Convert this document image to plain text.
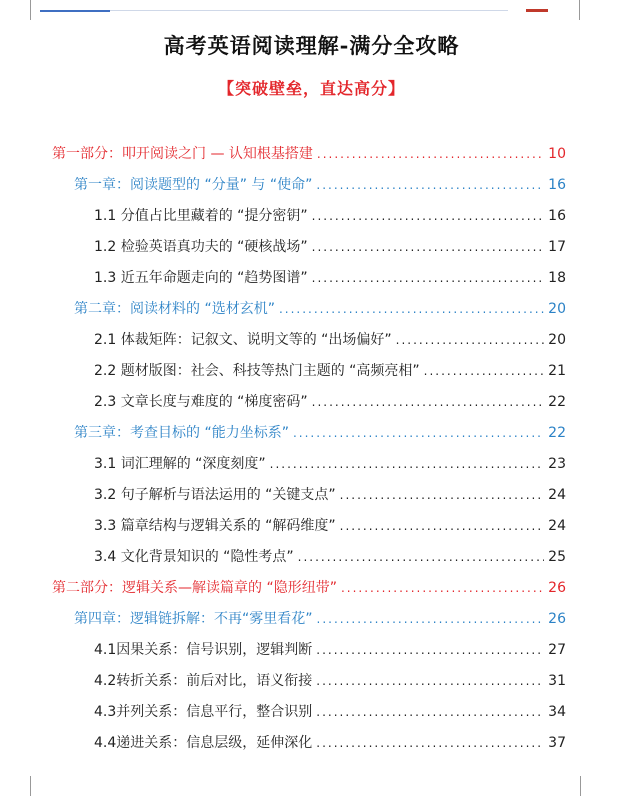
高考英语阅读理解-满分全攻略
【突破壁垒，直达高分】
第一部分：叩开阅读之门 — 认知根基搭建 .....	10
第一章：阅读题型的 “分量” 与 “使命” .....	16
1.1 分值占比里藏着的 “提分密钥” .....	16
1.2 检验英语真功夫的 “硬核战场” .....	17
1.3 近五年命题走向的 “趋势图谱” .....	18
第二章：阅读材料的 “选材玄机” .....	20
2.1 体裁矩阵：记叙文、说明文等的 “出场偏好” .....	20
2.2 题材版图：社会、科技等热门主题的 “高频亮相” .....	21
2.3 文章长度与难度的 “梯度密码” .....	22
第三章：考查目标的 “能力坐标系” .....	22
3.1 词汇理解的 “深度刻度” .....	23
3.2 句子解析与语法运用的 “关键支点” .....	24
3.3 篇章结构与逻辑关系的 “解码维度” .....	24
3.4 文化背景知识的 “隐性考点” .....	25
第二部分：逻辑关系—解读篇章的 “隐形纽带” .....	26
第四章：逻辑链拆解：不再“雾里看花” .....	26
4.1因果关系：信号识别，逻辑判断 .....	27
4.2转折关系：前后对比，语义衔接 .....	31
4.3并列关系：信息平行，整合识别 .....	34
4.4递进关系：信息层级，延伸深化 .....	37
